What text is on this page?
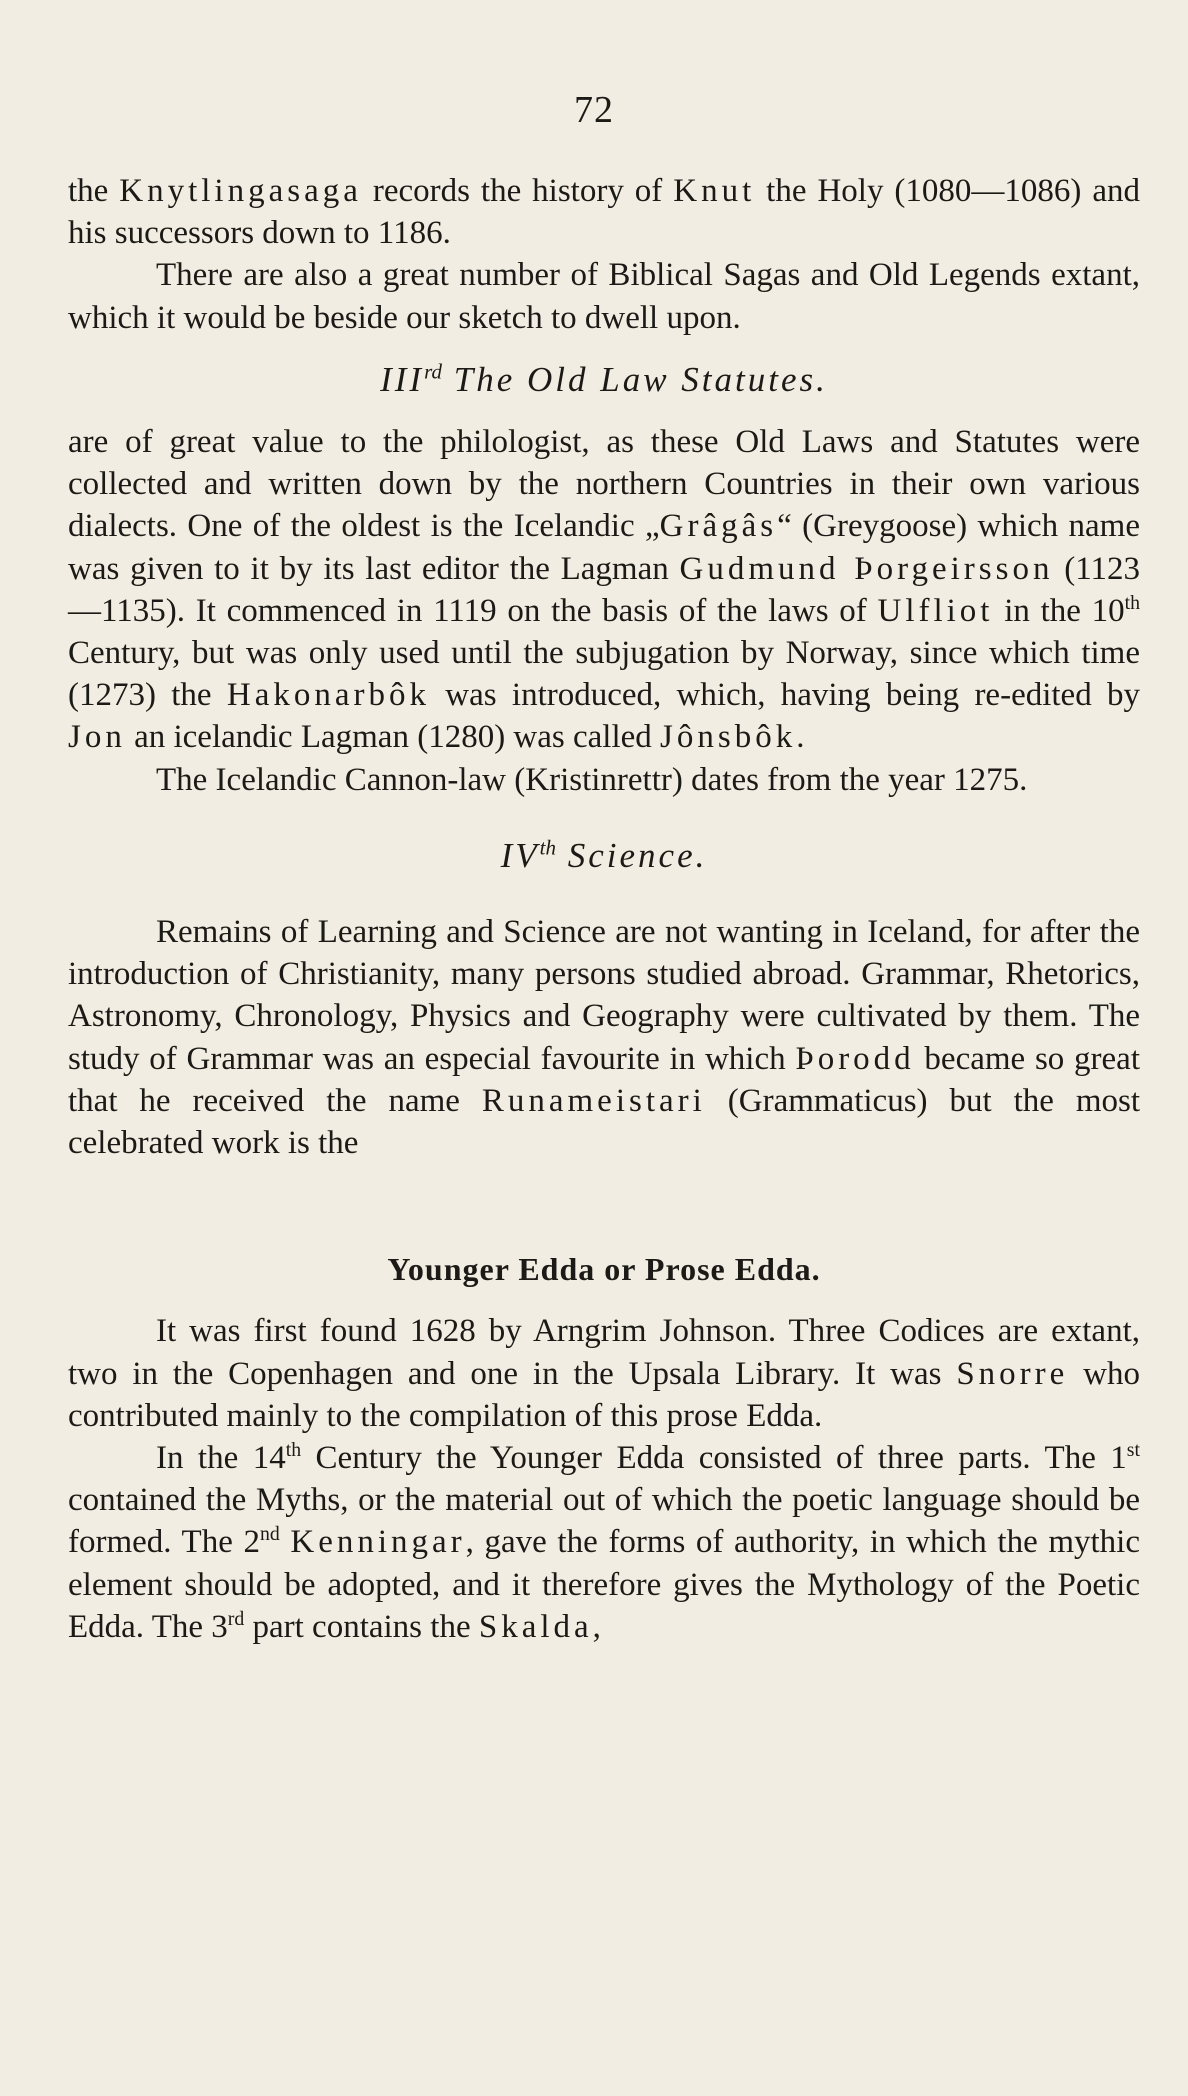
72

the Knytlingasaga records the history of Knut the Holy (1080—1086) and his successors down to 1186.

There are also a great number of Biblical Sagas and Old Legends extant, which it would be beside our sketch to dwell upon.

IIIrd The Old Law Statutes.

are of great value to the philologist, as these Old Laws and Statutes were collected and written down by the northern Countries in their own various dialects. One of the oldest is the Icelandic „Grâgâs“ (Greygoose) which name was given to it by its last editor the Lagman Gudmund Þorgeirsson (1123—1135). It commenced in 1119 on the basis of the laws of Ulfliot in the 10th Century, but was only used until the subjugation by Norway, since which time (1273) the Hakonarbôk was introduced, which, having being re-edited by Jon an icelandic Lagman (1280) was called Jônsbôk.

The Icelandic Cannon-law (Kristinrettr) dates from the year 1275.

IVth Science.

Remains of Learning and Science are not wanting in Iceland, for after the introduction of Christianity, many persons studied abroad. Grammar, Rhetorics, Astronomy, Chronology, Physics and Geography were cultivated by them. The study of Grammar was an especial favourite in which Þorodd became so great that he received the name Runameistari (Grammaticus) but the most celebrated work is the

Younger Edda or Prose Edda.

It was first found 1628 by Arngrim Johnson. Three Codices are extant, two in the Copenhagen and one in the Upsala Library. It was Snorre who contributed mainly to the compilation of this prose Edda.

In the 14th Century the Younger Edda consisted of three parts. The 1st contained the Myths, or the material out of which the poetic language should be formed. The 2nd Kenningar, gave the forms of authority, in which the mythic element should be adopted, and it therefore gives the Mythology of the Poetic Edda. The 3rd part contains the Skalda,
